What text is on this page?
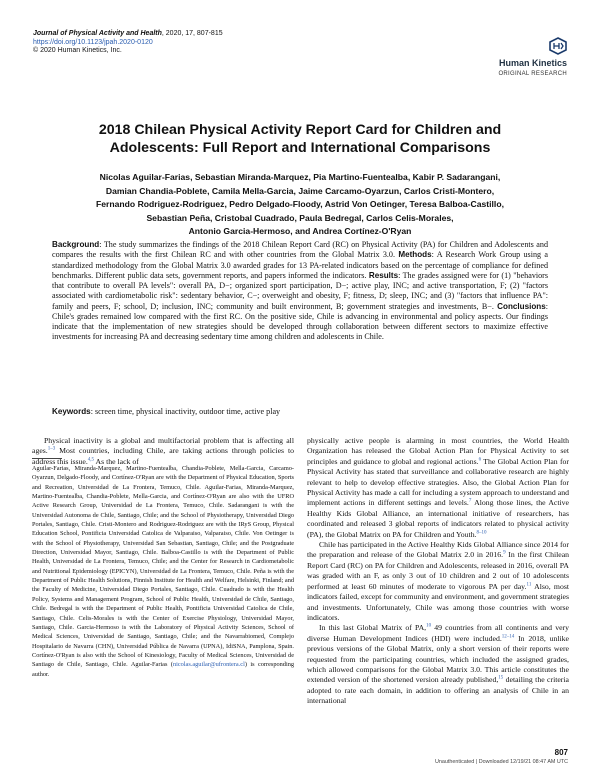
Journal of Physical Activity and Health, 2020, 17, 807-815
https://doi.org/10.1123/jpah.2020-0120
© 2020 Human Kinetics, Inc.
Human Kinetics
ORIGINAL RESEARCH
2018 Chilean Physical Activity Report Card for Children and
Adolescents: Full Report and International Comparisons
Nicolas Aguilar-Farias, Sebastian Miranda-Marquez, Pia Martino-Fuentealba, Kabir P. Sadarangani,
Damian Chandia-Poblete, Camila Mella-Garcia, Jaime Carcamo-Oyarzun, Carlos Cristi-Montero,
Fernando Rodriguez-Rodriguez, Pedro Delgado-Floody, Astrid Von Oetinger, Teresa Balboa-Castillo,
Sebastian Peña, Cristobal Cuadrado, Paula Bedregal, Carlos Celis-Morales,
Antonio Garcia-Hermoso, and Andrea Cortínez-O'Ryan
Background: The study summarizes the findings of the 2018 Chilean Report Card (RC) on Physical Activity (PA) for Children and Adolescents and compares the results with the first Chilean RC and with other countries from the Global Matrix 3.0. Methods: A Research Work Group using a standardized methodology from the Global Matrix 3.0 awarded grades for 13 PA-related indicators based on the percentage of compliance for defined benchmarks. Different public data sets, government reports, and papers informed the indicators. Results: The grades assigned were for (1) "behaviors that contribute to overall PA levels": overall PA, D−; organized sport participation, D−; active play, INC; and active transportation, F; (2) "factors associated with cardiometabolic risk": sedentary behavior, C−; overweight and obesity, F; fitness, D; sleep, INC; and (3) "factors that influence PA": family and peers, F; school, D; inclusion, INC; community and built environment, B; government strategies and investments, B−. Conclusions: Chile's grades remained low compared with the first RC. On the positive side, Chile is advancing in environmental and policy aspects. Our findings indicate that the implementation of new strategies should be developed through collaboration between different sectors to maximize effective investments for increasing PA and decreasing sedentary time among children and adolescents in Chile.
Keywords: screen time, physical inactivity, outdoor time, active play

Physical inactivity is a global and multifactorial problem that is affecting all ages.$^{1-3}$ Most countries, including Chile, are taking actions through policies to address this issue.$^{4,5}$ As the lack of

Aguilar-Farias, Miranda-Marquez, Martino-Fuentealba, Chandia-Poblete, Mella-Garcia, Carcamo-Oyarzun, Delgado-Floody, and Cortínez-O'Ryan are with the Department of Physical Education, Sports and Recreation, Universidad de La Frontera, Temuco, Chile. Aguilar-Farias, Miranda-Marquez, Martino-Fuentealba, Chandia-Poblete, Mella-Garcia, and Cortínez-O'Ryan are also with the UFRO Active Research Group, Universidad de La Frontera, Temuco, Chile. Sadarangani is with the Universidad Autonoma de Chile, Santiago, Chile; and the School of Physiotherapy, Universidad Diego Portales, Santiago, Chile. Cristi-Montero and Rodriguez-Rodriguez are with the IRyS Group, Physical Education School, Pontificia Universidad Catolica de Valparaiso, Valparaiso, Chile. Von Oetinger is with the School of Physiotherapy, Universidad San Sebastian, Santiago, Chile; and the Postgraduate Direction, Universidad Mayor, Santiago, Chile. Balboa-Castillo is with the Department of Public Health, Universidad de La Frontera, Temuco, Chile; and the Center for Research in Cardiometabolic and Nutritional Epidemiology (EPICYN), Universidad de La Frontera, Temuco, Chile. Peña is with the Department of Public Health Solutions, Finnish Institute for Health and Welfare, Helsinki, Finland; and the Faculty of Medicine, Universidad Diego Portales, Santiago, Chile. Cuadrado is with the Health Policy, Systems and Management Program, School of Public Health, Universidad de Chile, Santiago, Chile. Bedregal is with the Department of Public Health, Pontificia Universidad Catolica de Chile, Santiago, Chile. Celis-Morales is with the Center of Exercise Physiology, Universidad Mayor, Santiago, Chile. Garcia-Hermoso is with the Laboratory of Physical Activity Sciences, School of Medical Sciences, Universidad de Santiago, Santiago, Chile; and the Navarrabiomed, Complejo Hospitalario de Navarra (CHN), Universidad Pública de Navarra (UPNA), IdiSNA, Pamplona, Spain. Cortínez-O'Ryan is also with the School of Kinesiology, Faculty of Medical Sciences, Universidad de Santiago de Chile, Santiago, Chile. Aguilar-Farias (nicolas.aguilar@ufrontera.cl) is corresponding author.

physically active people is alarming in most countries, the World Health Organization has released the Global Action Plan for Physical Activity to set principles and guidance to global and regional actions.$^6$ The Global Action Plan for Physical Activity has stated that surveillance and collaborative research are highly relevant to help to develop effective strategies. Also, the Global Action Plan for Physical Activity has made a call for including a system approach to understand and implement actions in different settings and levels.$^7$ Along those lines, the Active Healthy Kids Global Alliance, an international initiative of researchers, has coordinated and released 3 global reports of indicators related to physical activity (PA), the Global Matrix on PA for Children and Youth.$^{8-10}$

Chile has participated in the Active Healthy Kids Global Alliance since 2014 for the preparation and release of the Global Matrix 2.0 in 2016.$^9$ In the first Chilean Report Card (RC) on PA for Children and Adolescents, released in 2016, overall PA was graded with an F, as only 3 out of 10 children and 2 out of 10 adolescents performed at least 60 minutes of moderate to vigorous PA per day.$^{11}$ Also, most indicators failed, except for community and environment, and government strategies and investments. Unfortunately, Chile was among those countries with worse indicators.

In this last Global Matrix of PA,$^{10}$ 49 countries from all continents and very diverse Human Development Indices (HDI) were included.$^{12-14}$ In 2018, unlike previous versions of the Global Matrix, only a short version of their reports were requested from the participating countries, which included the assigned grades, which allowed comparisons for the Global Matrix 3.0. This article constitutes the extended version of the shortened version already published,$^{15}$ detailing the criteria adopted to rate each domain, in addition to offering an analysis of Chile in an international

807
Unauthenticated | Downloaded 12/19/21 08:47 AM UTC
